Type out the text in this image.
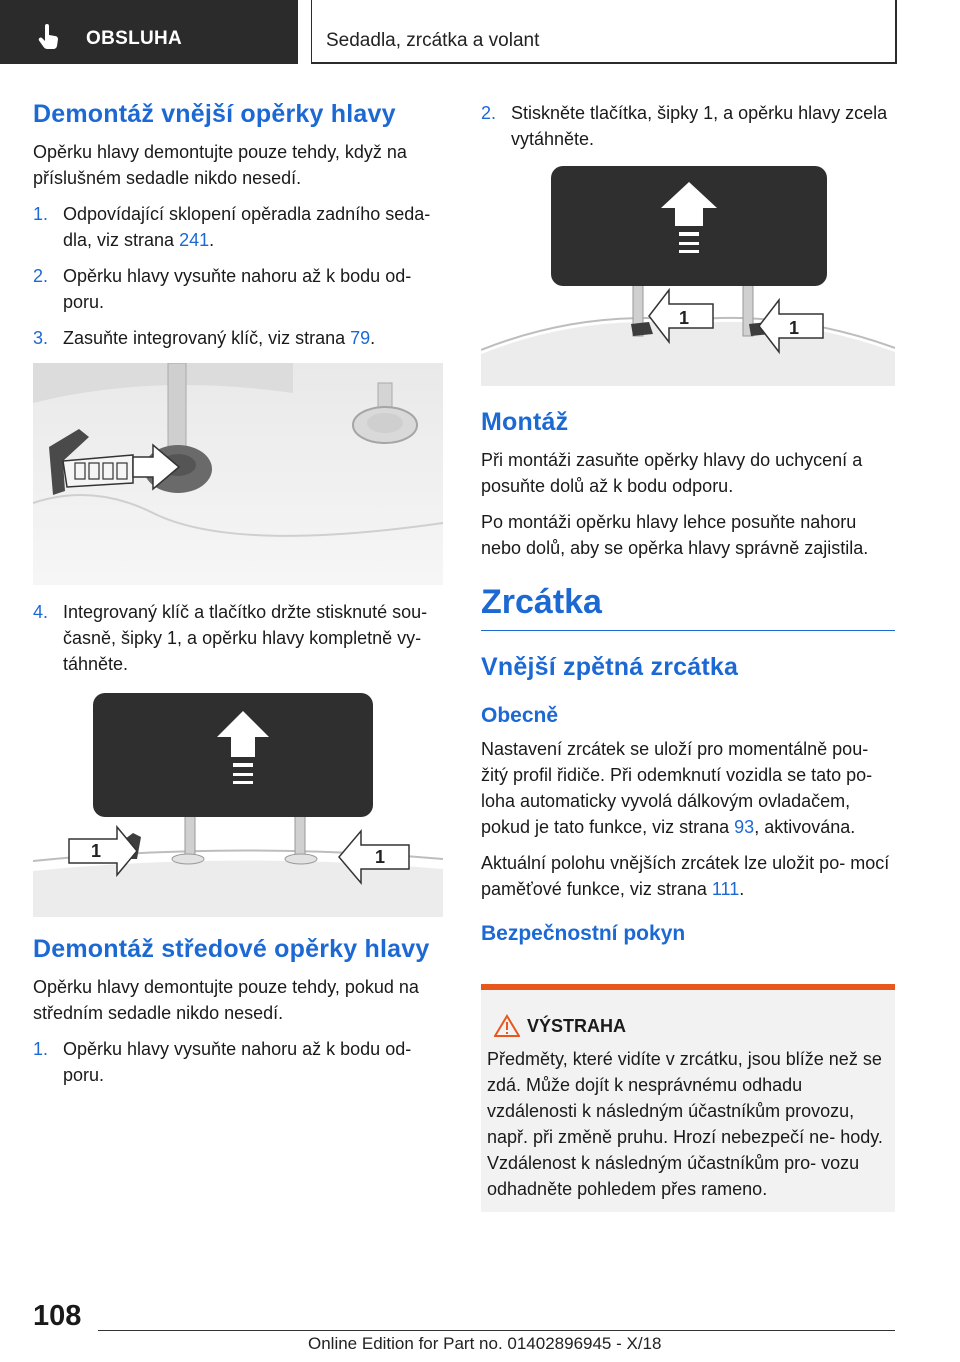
OBSLUHA	Sedadla, zrcátka a volant
Demontáž vnější opěrky hlavy

Opěrku hlavy demontujte pouze tehdy, když na příslušném sedadle nikdo nesedí.

1. Odpovídající sklopení opěradla zadního seda‐ dla, viz strana 241.
2. Opěrku hlavy vysuňte nahoru až k bodu od‐ poru.
3. Zasuňte integrovaný klíč, viz strana 79.
4. Integrovaný klíč a tlačítko držte stisknuté sou‐ časně, šipky 1, a opěrku hlavy kompletně vy‐ táhněte.
1	1
Demontáž středové opěrky hlavy

Opěrku hlavy demontujte pouze tehdy, pokud na středním sedadle nikdo nesedí.

1. Opěrku hlavy vysuňte nahoru až k bodu od‐ poru.
2. Stiskněte tlačítka, šipky 1, a opěrku hlavy zcela vytáhněte.
1	1
Montáž

Při montáži zasuňte opěrky hlavy do uchycení a posuňte dolů až k bodu odporu.

Po montáži opěrku hlavy lehce posuňte nahoru nebo dolů, aby se opěrka hlavy správně zajistila.

Zrcátka
Vnější zpětná zrcátka
Obecně

Nastavení zrcátek se uloží pro momentálně pou‐ žitý profil řidiče. Při odemknutí vozidla se tato po‐ loha automaticky vyvolá dálkovým ovladačem, pokud je tato funkce, viz strana 93, aktivována.

Aktuální polohu vnějších zrcátek lze uložit po‐ mocí paměťové funkce, viz strana 111.

Bezpečnostní pokyn
VÝSTRAHA
Předměty, které vidíte v zrcátku, jsou blíže než se zdá. Může dojít k nesprávnému odhadu vzdálenosti k následným účastníkům provozu, např. při změně pruhu. Hrozí nebezpečí ne‐ hody. Vzdálenost k následným účastníkům pro‐ vozu odhadněte pohledem přes rameno.
108
Online Edition for Part no. 01402896945 - X/18
